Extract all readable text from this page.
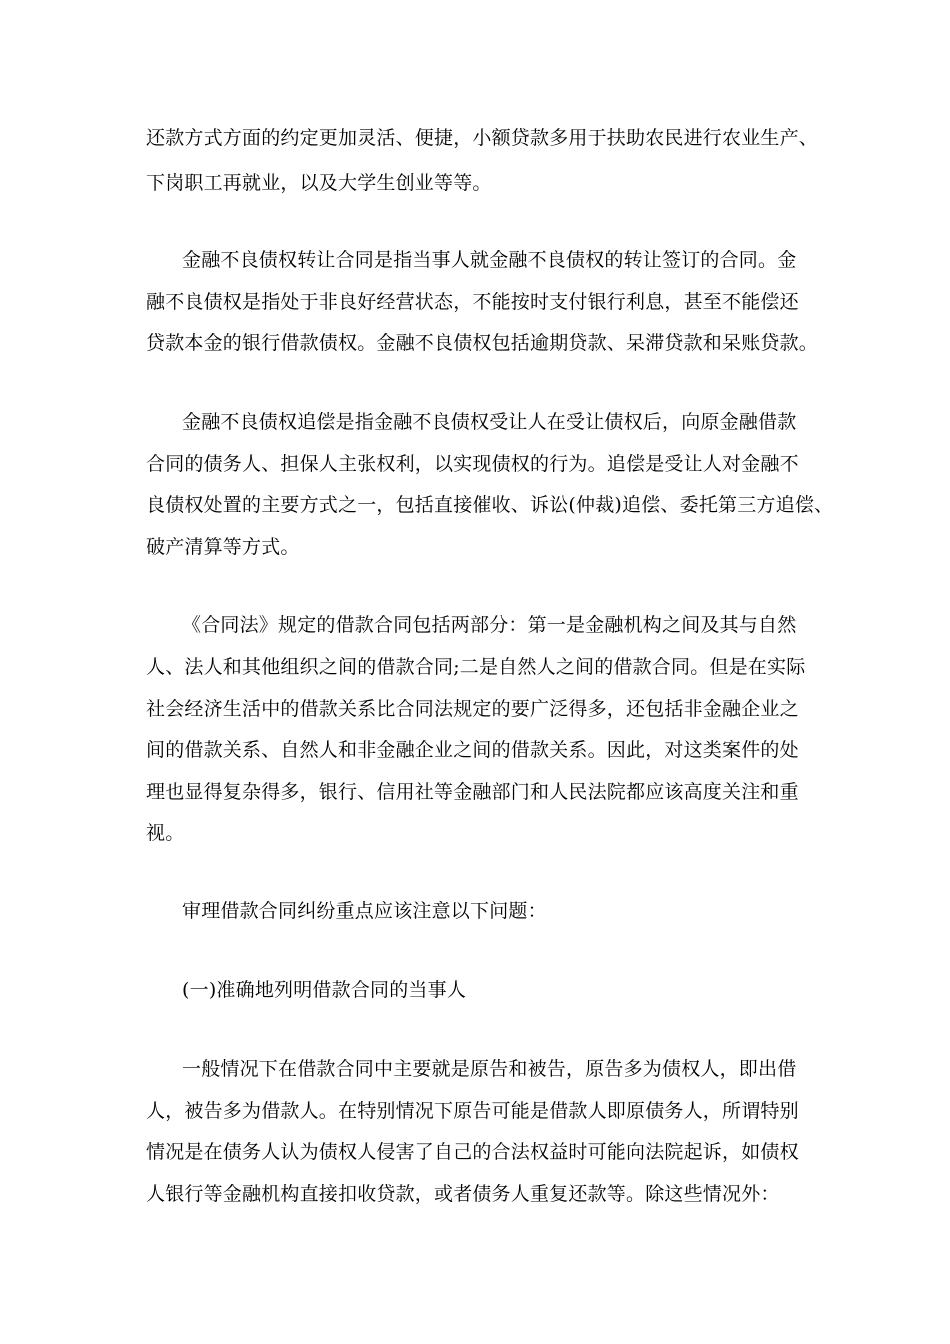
还款方式方面的约定更加灵活、便捷，小额贷款多用于扶助农民进行农业生产、
下岗职工再就业，以及大学生创业等等。
金融不良债权转让合同是指当事人就金融不良债权的转让签订的合同。金
融不良债权是指处于非良好经营状态，不能按时支付银行利息，甚至不能偿还
贷款本金的银行借款债权。金融不良债权包括逾期贷款、呆滞贷款和呆账贷款。
金融不良债权追偿是指金融不良债权受让人在受让债权后，向原金融借款
合同的债务人、担保人主张权利，以实现债权的行为。追偿是受让人对金融不
良债权处置的主要方式之一，包括直接催收、诉讼(仲裁)追偿、委托第三方追偿、
破产清算等方式。
《合同法》规定的借款合同包括两部分：第一是金融机构之间及其与自然
人、法人和其他组织之间的借款合同;二是自然人之间的借款合同。但是在实际
社会经济生活中的借款关系比合同法规定的要广泛得多，还包括非金融企业之
间的借款关系、自然人和非金融企业之间的借款关系。因此，对这类案件的处
理也显得复杂得多，银行、信用社等金融部门和人民法院都应该高度关注和重
视。
审理借款合同纠纷重点应该注意以下问题：
(一)准确地列明借款合同的当事人
一般情况下在借款合同中主要就是原告和被告，原告多为债权人，即出借
人，被告多为借款人。在特别情况下原告可能是借款人即原债务人，所谓特别
情况是在债务人认为债权人侵害了自己的合法权益时可能向法院起诉，如债权
人银行等金融机构直接扣收贷款，或者债务人重复还款等。除这些情况外：
